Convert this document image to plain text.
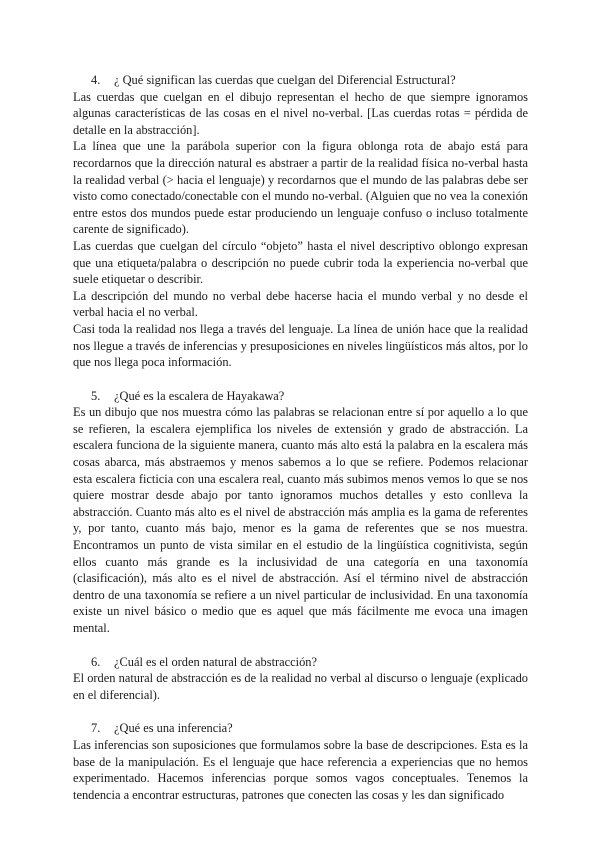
4. ¿ Qué significan las cuerdas que cuelgan del Diferencial Estructural?

Las cuerdas que cuelgan en el dibujo representan el hecho de que siempre ignoramos algunas características de las cosas en el nivel no-verbal. [Las cuerdas rotas = pérdida de detalle en la abstracción].

La línea que une la parábola superior con la figura oblonga rota de abajo está para recordarnos que la dirección natural es abstraer a partir de la realidad física no-verbal hasta la realidad verbal (> hacia el lenguaje) y recordarnos que el mundo de las palabras debe ser visto como conectado/conectable con el mundo no-verbal. (Alguien que no vea la conexión entre estos dos mundos puede estar produciendo un lenguaje confuso o incluso totalmente carente de significado).

Las cuerdas que cuelgan del círculo “objeto” hasta el nivel descriptivo oblongo expresan que una etiqueta/palabra o descripción no puede cubrir toda la experiencia no-verbal que suele etiquetar o describir.

La descripción del mundo no verbal debe hacerse hacia el mundo verbal y no desde el verbal hacia el no verbal.

Casi toda la realidad nos llega a través del lenguaje. La línea de unión hace que la realidad nos llegue a través de inferencias y presuposiciones en niveles lingüísticos más altos, por lo que nos llega poca información.

5. ¿Qué es la escalera de Hayakawa?

Es un dibujo que nos muestra cómo las palabras se relacionan entre sí por aquello a lo que se refieren, la escalera ejemplifica los niveles de extensión y grado de abstracción. La escalera funciona de la siguiente manera, cuanto más alto está la palabra en la escalera más cosas abarca, más abstraemos y menos sabemos a lo que se refiere. Podemos relacionar esta escalera ficticia con una escalera real, cuanto más subimos menos vemos lo que se nos quiere mostrar desde abajo por tanto ignoramos muchos detalles y esto conlleva la abstracción. Cuanto más alto es el nivel de abstracción más amplia es la gama de referentes y, por tanto, cuanto más bajo, menor es la gama de referentes que se nos muestra. Encontramos un punto de vista similar en el estudio de la lingüística cognitivista, según ellos cuanto más grande es la inclusividad de una categoría en una taxonomía (clasificación), más alto es el nivel de abstracción. Así el término nivel de abstracción dentro de una taxonomía se refiere a un nivel particular de inclusividad. En una taxonomía existe un nivel básico o medio que es aquel que más fácilmente me evoca una imagen mental.

6. ¿Cuál es el orden natural de abstracción?

El orden natural de abstracción es de la realidad no verbal al discurso o lenguaje (explicado en el diferencial).

7. ¿Qué es una inferencia?

Las inferencias son suposiciones que formulamos sobre la base de descripciones. Esta es la base de la manipulación. Es el lenguaje que hace referencia a experiencias que no hemos experimentado. Hacemos inferencias porque somos vagos conceptuales. Tenemos la tendencia a encontrar estructuras, patrones que conecten las cosas y les dan significado
